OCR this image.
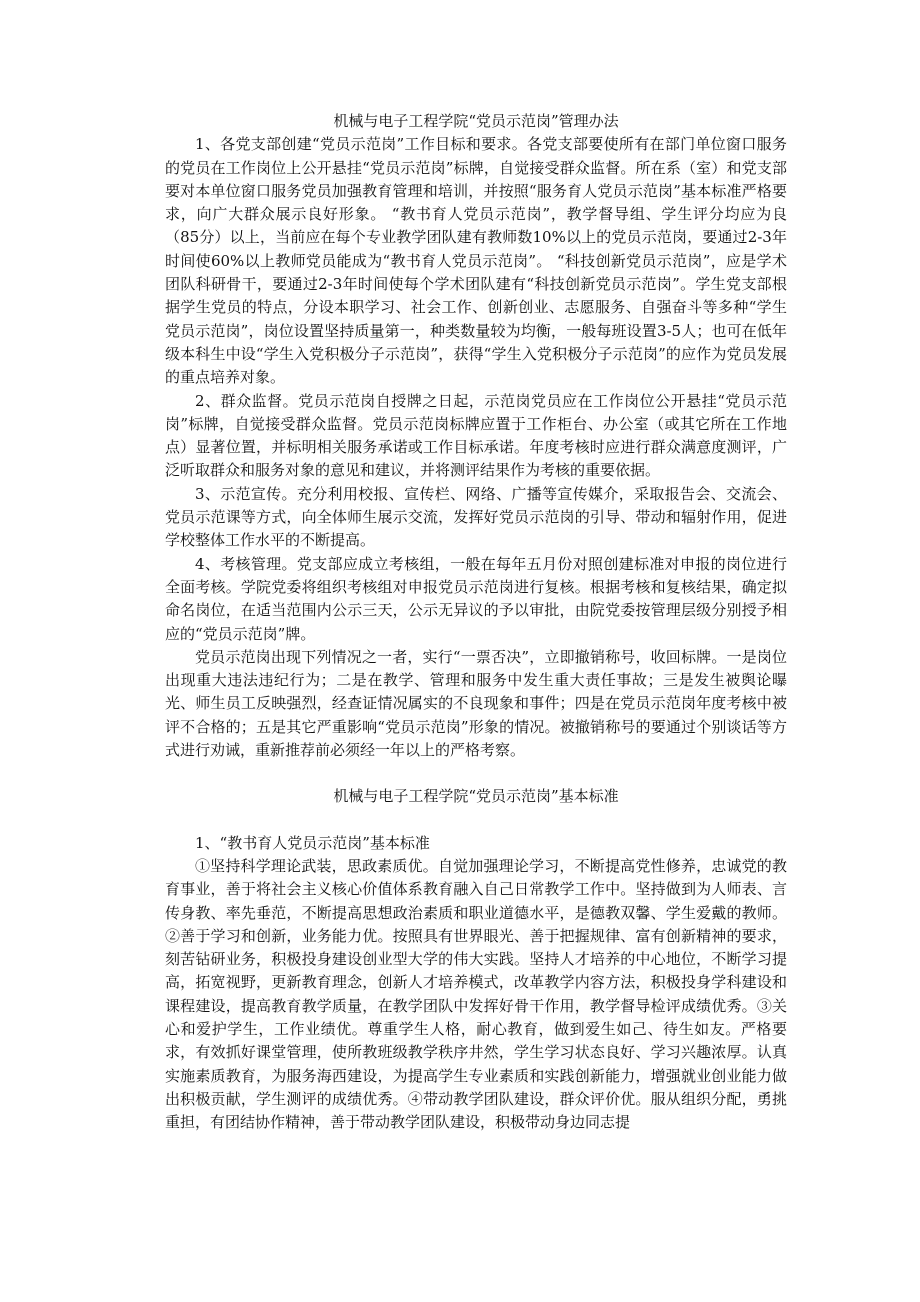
机械与电子工程学院“党员示范岗”管理办法

1、各党支部创建“党员示范岗”工作目标和要求。各党支部要使所有在部门单位窗口服务的党员在工作岗位上公开悬挂“党员示范岗”标牌，自觉接受群众监督。所在系（室）和党支部要对本单位窗口服务党员加强教育管理和培训，并按照“服务育人党员示范岗”基本标准严格要求，向广大群众展示良好形象。 “教书育人党员示范岗”，教学督导组、学生评分均应为良（85分）以上，当前应在每个专业教学团队建有教师数10%以上的党员示范岗，要通过2-3年时间使60%以上教师党员能成为“教书育人党员示范岗”。 “科技创新党员示范岗”，应是学术团队科研骨干，要通过2-3年时间使每个学术团队建有“科技创新党员示范岗”。学生党支部根据学生党员的特点，分设本职学习、社会工作、创新创业、志愿服务、自强奋斗等多种“学生党员示范岗”，岗位设置坚持质量第一，种类数量较为均衡，一般每班设置3-5人；也可在低年级本科生中设“学生入党积极分子示范岗”，获得“学生入党积极分子示范岗”的应作为党员发展的重点培养对象。

2、群众监督。党员示范岗自授牌之日起，示范岗党员应在工作岗位公开悬挂“党员示范岗”标牌，自觉接受群众监督。党员示范岗标牌应置于工作柜台、办公室（或其它所在工作地点）显著位置，并标明相关服务承诺或工作目标承诺。年度考核时应进行群众满意度测评，广泛听取群众和服务对象的意见和建议，并将测评结果作为考核的重要依据。

3、示范宣传。充分利用校报、宣传栏、网络、广播等宣传媒介，采取报告会、交流会、党员示范课等方式，向全体师生展示交流，发挥好党员示范岗的引导、带动和辐射作用，促进学校整体工作水平的不断提高。

4、考核管理。党支部应成立考核组，一般在每年五月份对照创建标准对申报的岗位进行全面考核。学院党委将组织考核组对申报党员示范岗进行复核。根据考核和复核结果，确定拟命名岗位，在适当范围内公示三天，公示无异议的予以审批，由院党委按管理层级分别授予相应的“党员示范岗”牌。

党员示范岗出现下列情况之一者，实行“一票否决”，立即撤销称号，收回标牌。一是岗位出现重大违法违纪行为；二是在教学、管理和服务中发生重大责任事故；三是发生被舆论曝光、师生员工反映强烈，经查证情况属实的不良现象和事件；四是在党员示范岗年度考核中被评不合格的；五是其它严重影响“党员示范岗”形象的情况。被撤销称号的要通过个别谈话等方式进行劝诫，重新推荐前必须经一年以上的严格考察。

机械与电子工程学院“党员示范岗”基本标准

1、“教书育人党员示范岗”基本标准

①坚持科学理论武装，思政素质优。自觉加强理论学习，不断提高党性修养，忠诚党的教育事业，善于将社会主义核心价值体系教育融入自己日常教学工作中。坚持做到为人师表、言传身教、率先垂范，不断提高思想政治素质和职业道德水平，是德教双馨、学生爱戴的教师。②善于学习和创新，业务能力优。按照具有世界眼光、善于把握规律、富有创新精神的要求，刻苦钻研业务，积极投身建设创业型大学的伟大实践。坚持人才培养的中心地位，不断学习提高，拓宽视野，更新教育理念，创新人才培养模式，改革教学内容方法，积极投身学科建设和课程建设，提高教育教学质量，在教学团队中发挥好骨干作用，教学督导检评成绩优秀。③关心和爱护学生，工作业绩优。尊重学生人格，耐心教育，做到爱生如己、待生如友。严格要求，有效抓好课堂管理，使所教班级教学秩序井然，学生学习状态良好、学习兴趣浓厚。认真实施素质教育，为服务海西建设，为提高学生专业素质和实践创新能力，增强就业创业能力做出积极贡献，学生测评的成绩优秀。④带动教学团队建设，群众评价优。服从组织分配，勇挑重担，有团结协作精神，善于带动教学团队建设，积极带动身边同志提
